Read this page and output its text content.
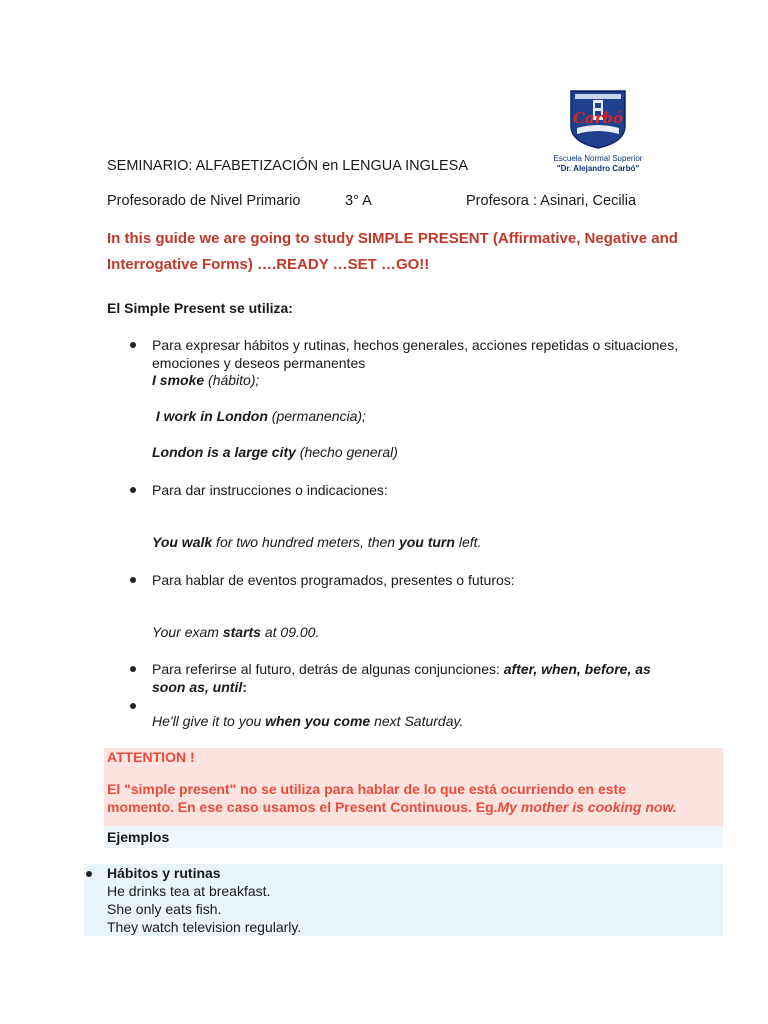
Carbó
Escuela Normal Superior
"Dr. Alejandro Carbó"
SEMINARIO: ALFABETIZACIÓN en LENGUA INGLESA
Profesorado de Nivel Primario	3° A	Profesora : Asinari, Cecilia
In this guide we are going to study SIMPLE PRESENT (Affirmative, Negative and
Interrogative Forms) ….READY …SET …GO!!
El Simple Present se utiliza:
Para expresar hábitos y rutinas, hechos generales, acciones repetidas o situaciones,
emociones y deseos permanentes
I smoke (hábito);
I work in London (permanencia);
London is a large city (hecho general)
Para dar instrucciones o indicaciones:
You walk for two hundred meters, then you turn left.
Para hablar de eventos programados, presentes o futuros:
Your exam starts at 09.00.
Para referirse al futuro, detrás de algunas conjunciones: after, when, before, as
soon as, until:
He'll give it to you when you come next Saturday.
ATTENTION !
El "simple present" no se utiliza para hablar de lo que está ocurriendo en este
momento. En ese caso usamos el Present Continuous. Eg.My mother is cooking now.
Ejemplos
Hábitos y rutinas
He drinks tea at breakfast.
She only eats fish.
They watch television regularly.
